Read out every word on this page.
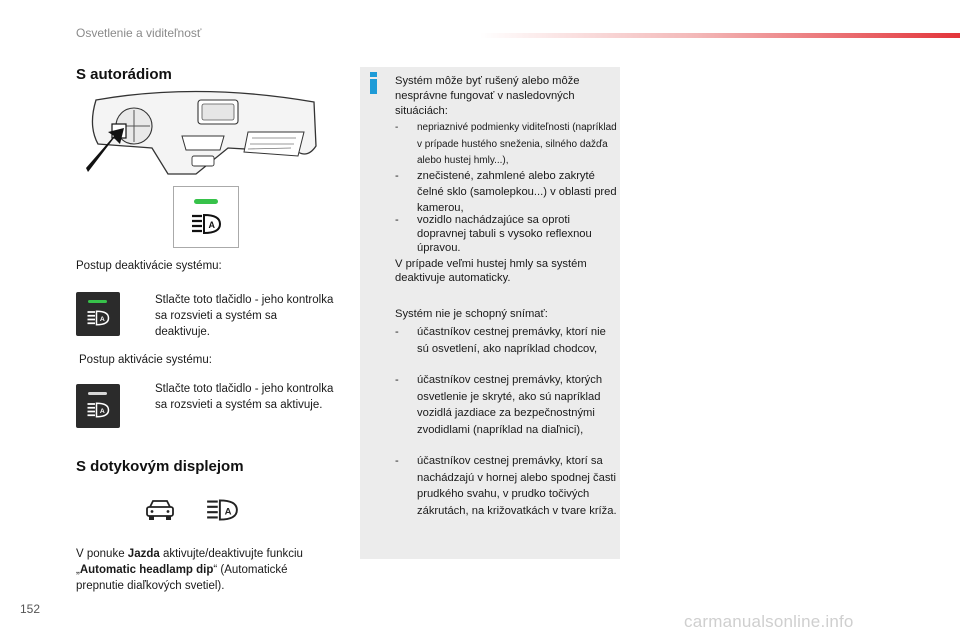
Osvetlenie a viditeľnosť
S autorádiom
A
Postup deaktivácie systému:
A
Stlačte toto tlačidlo - jeho kontrolka sa rozsvieti a systém sa deaktivuje.
Postup aktivácie systému:
A
Stlačte toto tlačidlo - jeho kontrolka sa rozsvieti a systém sa aktivuje.
S dotykovým displejom
A

V ponuke Jazda aktivujte/deaktivujte funkciu „Automatic headlamp dip“ (Automatické prepnutie diaľkových svetiel).

Systém môže byť rušený alebo môže nesprávne fungovať v nasledovných situáciách:
- nepriaznivé podmienky viditeľnosti (napríklad v prípade hustého sneženia, silného dažďa alebo hustej hmly...),
- znečistené, zahmlené alebo zakryté čelné sklo (samolepkou...) v oblasti pred kamerou,
- vozidlo nachádzajúce sa oproti dopravnej tabuli s vysoko reflexnou úpravou.
V prípade veľmi hustej hmly sa systém deaktivuje automaticky.
Systém nie je schopný snímať:
- účastníkov cestnej premávky, ktorí nie sú osvetlení, ako napríklad chodcov,
- účastníkov cestnej premávky, ktorých osvetlenie je skryté, ako sú napríklad vozidlá jazdiace za bezpečnostnými zvodidlami (napríklad na diaľnici),
- účastníkov cestnej premávky, ktorí sa nachádzajú v hornej alebo spodnej časti prudkého svahu, v prudko točivých zákrutách, na križovatkách v tvare kríža.
152
carmanualsonline.info
